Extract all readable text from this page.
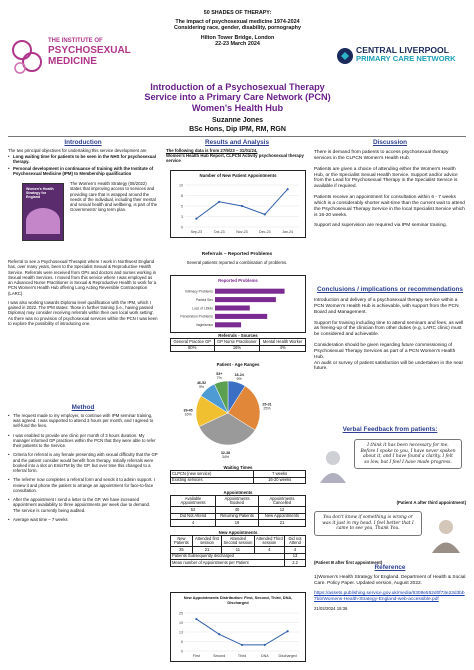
THE INSTITUTE OF
PSYCHOSEXUAL
MEDICINE
50 SHADES OF THERAPY:
The impact of psychosexual medicine 1974-2024
Considering race, gender, disability, pornography
Hilton Tower Bridge, London
22-23 March 2024
CENTRAL LIVERPOOL
PRIMARY CARE NETWORK
Introduction of a Psychosexual Therapy Service into a Primary Care Network (PCN) Women's Health Hub
Suzanne Jones
BSc Hons, Dip IPM, RM, RGN
Introduction
The two principal objectives for undertaking this service development are
• Long waiting time for patients to be seen in the NHS for psychosexual therapy.
• Personal development in continuance of training with the Institute of Psychosexual Medicine (IPM) to Membership qualification
Women's Health Strategy for England
The Women's Health Strategy (08/2022) states that improving access to services and providing care that is wrapped around the needs of the individual, including their mental and sexual health and wellbeing, is part of the Governments' long term plan.
Referral to see a Psychosexual Therapist where I work in Northwest England has, over many years, been to the Specialist Sexual & Reproductive Health Service. Referrals were received from GPs and doctors and nurses working in Sexual Health Services. I moved from this service where I was employed as an Advanced Nurse Practitioner in Sexual & Reproductive Health to work for a PCN Women's Health Hub offering Long Acting Reversible Contraception (LARC).
I was also working towards Diploma level qualification with the IPM, which I gained in 2022. The IPM states: 'those in further training (i.e., having passed Diploma) may consider receiving referrals within their own local work setting'. As there was no provision of psychosexual services within the PCN I was keen to explore the possibility of introducing one.
Method
• The request made to my employer, to continue with IPM seminar training, was agreed. I was supported to attend 3 hours per month, and I agreed to self-fund the fees.
• I was enabled to provide one clinic per month of 3 hours duration. My manager informed GP practices within the PCN that they were able to refer their patients to the Service.
• Criteria for referral is any female presenting with sexual difficulty that the GP and the patient consider would benefit from therapy. Initially referrals were booked into a slot on EmisTM by the GP, but over time this changed to a referral form.
• The referrer now completes a referral form and sends it to admin support. I review it and phone the patient to arrange an appointment for face-to-face consultation.
• After the appointment I send a letter to the GP. We have increased appointment availability to three appointments per week due to demand. The service is currently being audited.
• Average wait time – 7 weeks
Results and Analysis
The following data is from 27/9/23 – 31/01/24,
Women's Health Hub Report, CLPCN Activity psychosexual therapy service
Number of New Patient Appointments
0
3
5
8
10
Sep-23	Oct-23	Nov-23	Dec-23	Jan-24
Referrals – Reported Problems
Several patients reported a combination of problems.
Reported Problems
Intimacy Problems
Painful Sex
Loss of Libido
Penetration Problems
Vaginismus
Referrals - Sources
General Practice GP	GP Nurse Practitioner	Mental Health Worker
80%	16%	4%
Patient - Age Ranges
18-24
9%
25-31
25%
32-38
34%
39-45
16%
46-52
9%
53+
7%
Waiting Times
CLPCN (new service)	7 weeks
Existing services	16-20 weeks
Appointments
Available Appointments	Appointments Booked	Appointments Cancelled
52	40	12
Did Not Attend	Returning Patients	New Appointments
4	19	21
New Appointments
New Patients	Attended first session	Attended Second session	Attended Third session	Did not Attend
25	21	11	4	4
Patients Subsequently discharged				13
Mean number of Appointments per Patient				2.2
New Appointments Distribution: First, Second, Third, DNA, Discharged
0
6
13
19
25
First	Second	Third	DNA	Discharged
Discussion
There is demand from patients to access psychosexual therapy services in the CLPCN Women's Health Hub.
Patients are given a choice of attending either the Women's Health Hub, or the Specialist Sexual Health Service. Support and/or advice from the Lead for Psychosexual Therapy in the Specialist Service is available if required.
Patients receive an appointment for consultation within 6 - 7 weeks which is a considerably shorter wait-time than the current wait to attend the Psychosexual Therapy Service in the local Specialist Service which is 16-20 weeks.
Support and supervision are required via IPM seminar training.
Conclusions / implications or recommendations
Introduction and delivery of a psychosexual therapy service within a PCN Women's Health Hub is achievable, with support from the PCN Board and Management.
Support for training including time to attend seminars and fees, as well as freeing-up of the clinician from other duties (e.g. LARC clinic) must be considered and achievable.
Consideration should be given regarding future commissioning of Psychosexual Therapy Services as part of a PCN Women's Health Hub.
An audit or survey of patient satisfaction will be undertaken in the near future.
Verbal Feedback from patients:
I think it has been necessary for me. Before I spoke to you, I have never spoken about it, and I have found a clarity. I felt so low, but I feel I have made progress.
(Patient A after third appointment)
You don't know if something is wrong or was it just in my head. I feel better that I came to see you, Thank You.
(Patient B after first appointment)
Reference
1)Women's Health Strategy for England. Department of Health & Social Care. Policy Paper. Updated version, August 2022.
https://assets.publishing.service.gov.uk/media/6308e552d0f73e23d3bb7bb/Womens-Health-Strategy-England-web-accessible.pdf
21/02/2024 15:36
